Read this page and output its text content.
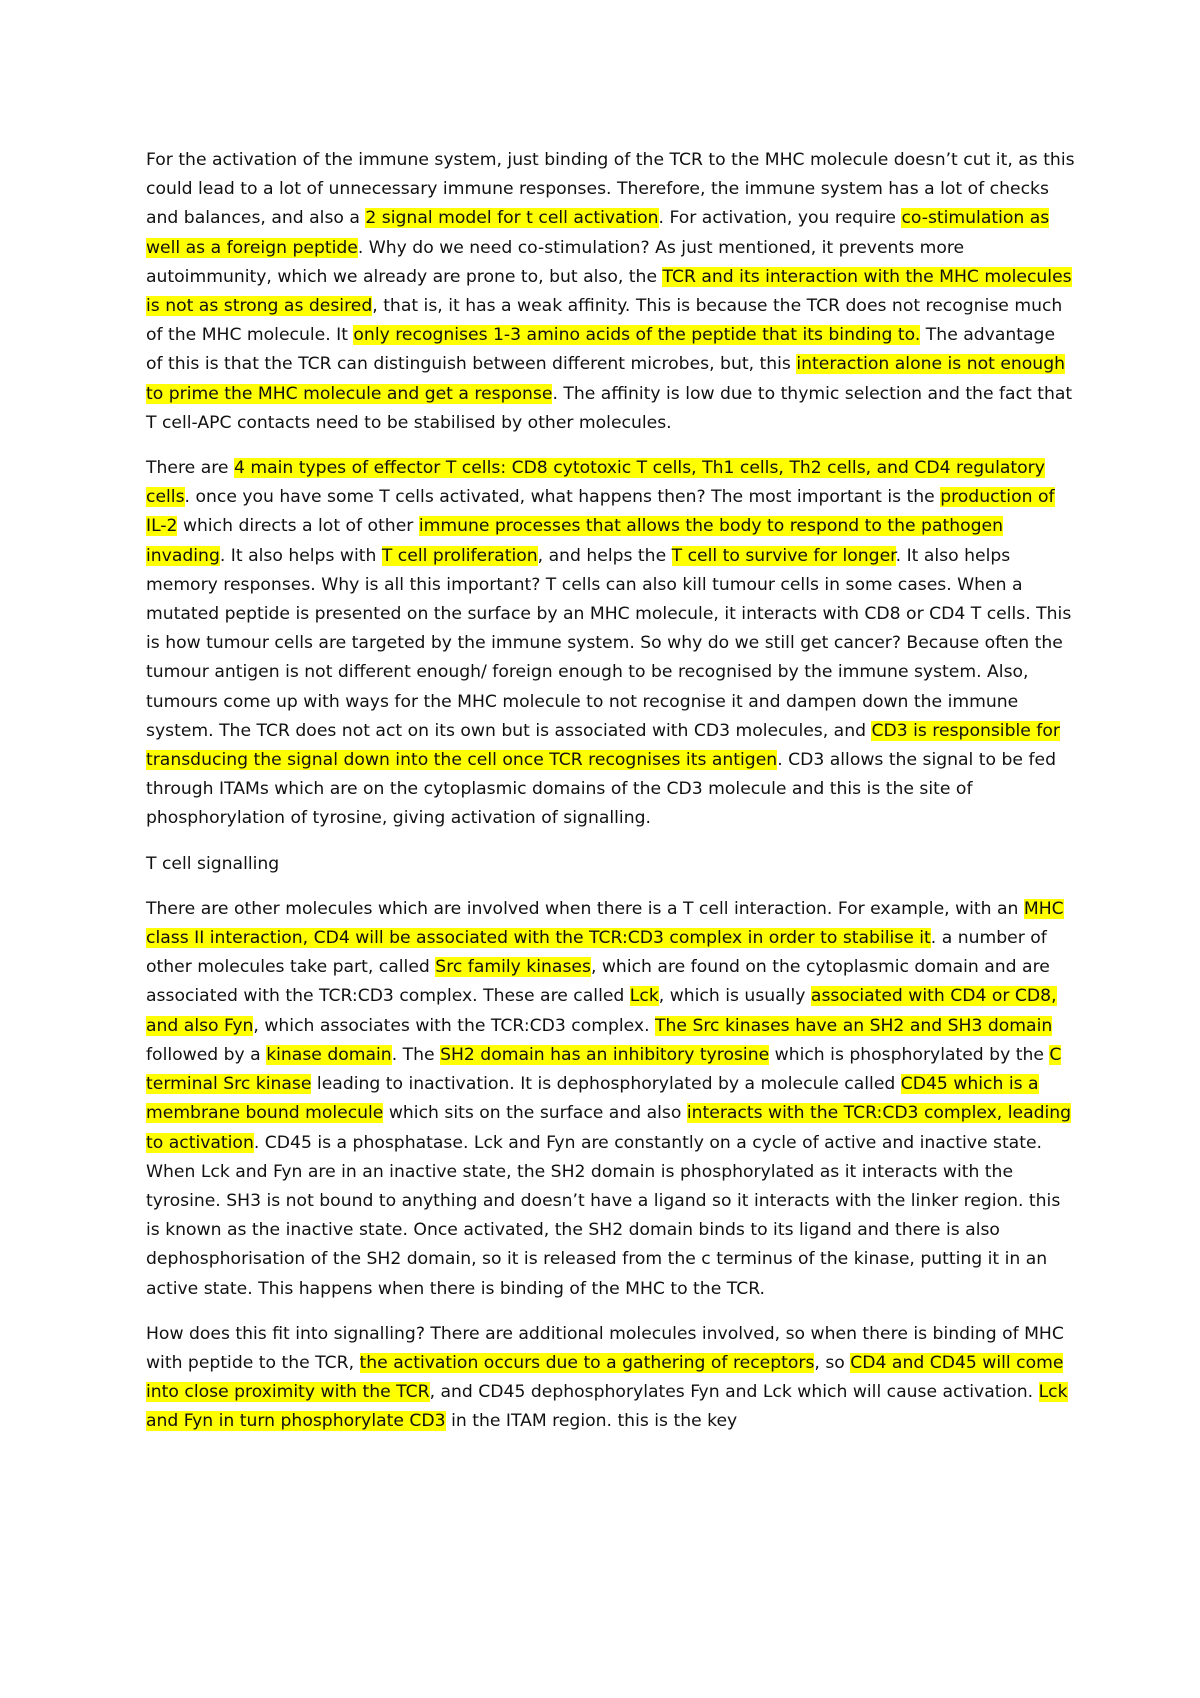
For the activation of the immune system, just binding of the TCR to the MHC molecule doesn’t cut it, as this could lead to a lot of unnecessary immune responses. Therefore, the immune system has a lot of checks and balances, and also a 2 signal model for t cell activation. For activation, you require co-stimulation as well as a foreign peptide. Why do we need co-stimulation? As just mentioned, it prevents more autoimmunity, which we already are prone to, but also, the TCR and its interaction with the MHC molecules is not as strong as desired, that is, it has a weak affinity. This is because the TCR does not recognise much of the MHC molecule. It only recognises 1-3 amino acids of the peptide that its binding to. The advantage of this is that the TCR can distinguish between different microbes, but, this interaction alone is not enough to prime the MHC molecule and get a response. The affinity is low due to thymic selection and the fact that T cell-APC contacts need to be stabilised by other molecules.

There are 4 main types of effector T cells: CD8 cytotoxic T cells, Th1 cells, Th2 cells, and CD4 regulatory cells. once you have some T cells activated, what happens then? The most important is the production of IL-2 which directs a lot of other immune processes that allows the body to respond to the pathogen invading. It also helps with T cell proliferation, and helps the T cell to survive for longer. It also helps memory responses. Why is all this important? T cells can also kill tumour cells in some cases. When a mutated peptide is presented on the surface by an MHC molecule, it interacts with CD8 or CD4 T cells. This is how tumour cells are targeted by the immune system. So why do we still get cancer? Because often the tumour antigen is not different enough/ foreign enough to be recognised by the immune system. Also, tumours come up with ways for the MHC molecule to not recognise it and dampen down the immune system. The TCR does not act on its own but is associated with CD3 molecules, and CD3 is responsible for transducing the signal down into the cell once TCR recognises its antigen. CD3 allows the signal to be fed through ITAMs which are on the cytoplasmic domains of the CD3 molecule and this is the site of phosphorylation of tyrosine, giving activation of signalling.

T cell signalling

There are other molecules which are involved when there is a T cell interaction. For example, with an MHC class II interaction, CD4 will be associated with the TCR:CD3 complex in order to stabilise it. a number of other molecules take part, called Src family kinases, which are found on the cytoplasmic domain and are associated with the TCR:CD3 complex. These are called Lck, which is usually associated with CD4 or CD8, and also Fyn, which associates with the TCR:CD3 complex. The Src kinases have an SH2 and SH3 domain followed by a kinase domain. The SH2 domain has an inhibitory tyrosine which is phosphorylated by the C terminal Src kinase leading to inactivation. It is dephosphorylated by a molecule called CD45 which is a membrane bound molecule which sits on the surface and also interacts with the TCR:CD3 complex, leading to activation. CD45 is a phosphatase. Lck and Fyn are constantly on a cycle of active and inactive state. When Lck and Fyn are in an inactive state, the SH2 domain is phosphorylated as it interacts with the tyrosine. SH3 is not bound to anything and doesn’t have a ligand so it interacts with the linker region. this is known as the inactive state. Once activated, the SH2 domain binds to its ligand and there is also dephosphorisation of the SH2 domain, so it is released from the c terminus of the kinase, putting it in an active state. This happens when there is binding of the MHC to the TCR.

How does this fit into signalling? There are additional molecules involved, so when there is binding of MHC with peptide to the TCR, the activation occurs due to a gathering of receptors, so CD4 and CD45 will come into close proximity with the TCR, and CD45 dephosphorylates Fyn and Lck which will cause activation. Lck and Fyn in turn phosphorylate CD3 in the ITAM region. this is the key
